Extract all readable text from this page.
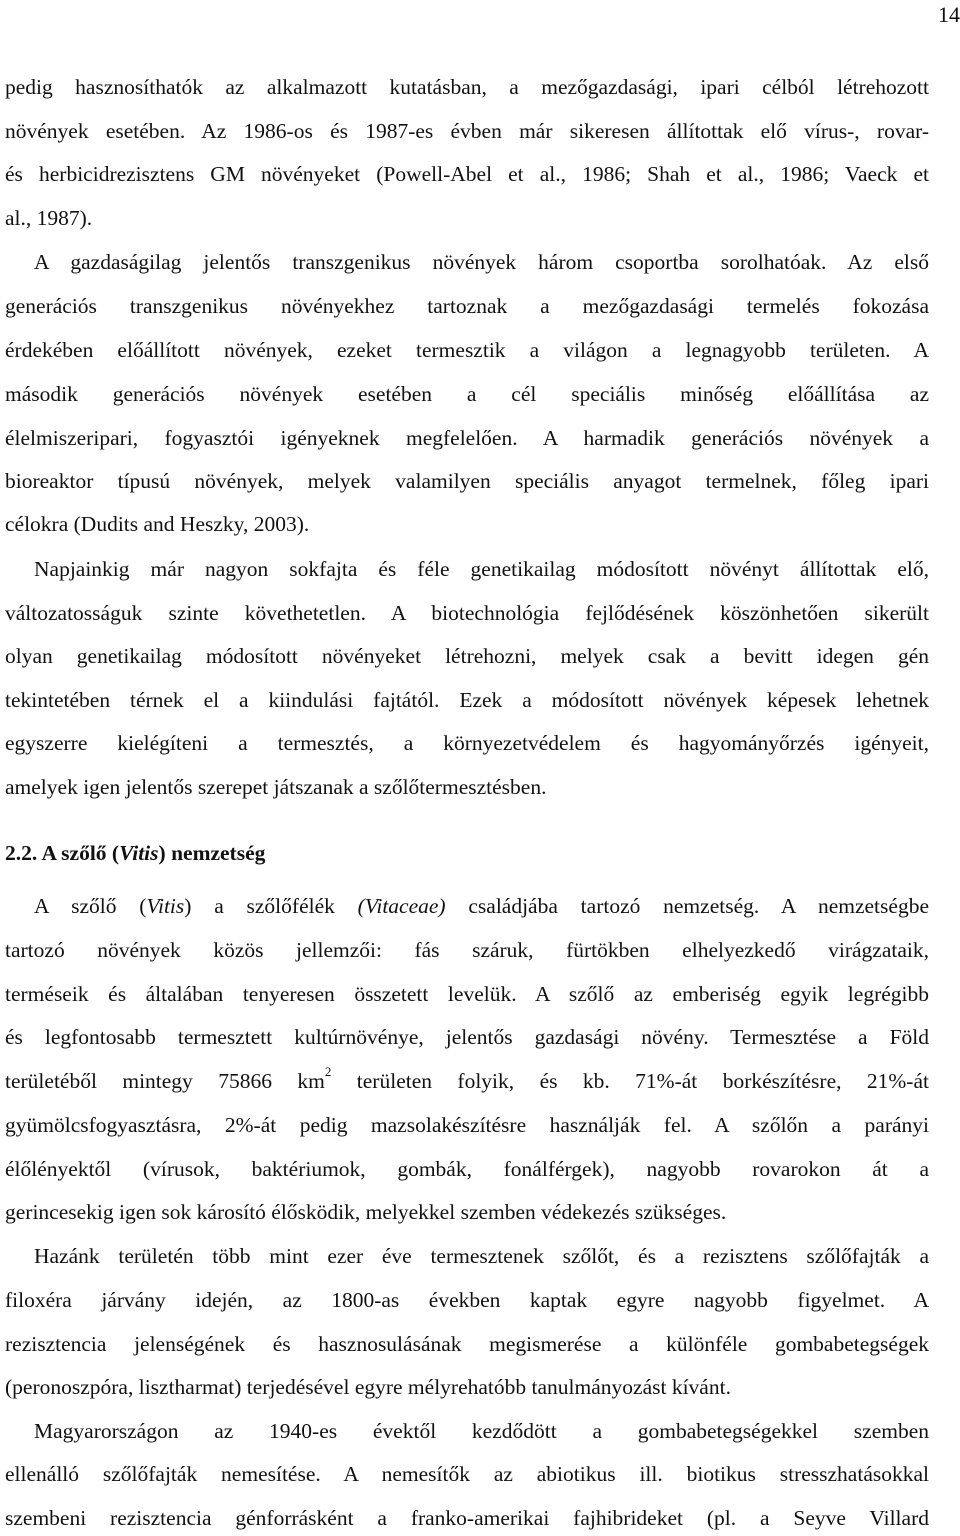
14
pedig hasznosíthatók az alkalmazott kutatásban, a mezőgazdasági, ipari célból létrehozott
növények esetében. Az 1986-os és 1987-es évben már sikeresen állítottak elő vírus-, rovar-
és herbicidrezisztens GM növényeket (Powell-Abel et al., 1986; Shah et al., 1986; Vaeck et
al., 1987).
A gazdaságilag jelentős transzgenikus növények három csoportba sorolhatóak. Az első
generációs transzgenikus növényekhez tartoznak a mezőgazdasági termelés fokozása
érdekében előállított növények, ezeket termesztik a világon a legnagyobb területen. A
második generációs növények esetében a cél speciális minőség előállítása az
élelmiszeripari, fogyasztói igényeknek megfelelően. A harmadik generációs növények a
bioreaktor típusú növények, melyek valamilyen speciális anyagot termelnek, főleg ipari
célokra (Dudits and Heszky, 2003).
Napjainkig már nagyon sokfajta és féle genetikailag módosított növényt állítottak elő,
változatosságuk szinte követhetetlen. A biotechnológia fejlődésének köszönhetően sikerült
olyan genetikailag módosított növényeket létrehozni, melyek csak a bevitt idegen gén
tekintetében térnek el a kiindulási fajtától. Ezek a módosított növények képesek lehetnek
egyszerre kielégíteni a termesztés, a környezetvédelem és hagyományőrzés igényeit,
amelyek igen jelentős szerepet játszanak a szőlőtermesztésben.
2.2. A szőlő (Vitis) nemzetség
A szőlő (Vitis) a szőlőfélék (Vitaceae) családjába tartozó nemzetség. A nemzetségbe
tartozó növények közös jellemzői: fás száruk, fürtökben elhelyezkedő virágzataik,
terméseik és általában tenyeresen összetett levelük. A szőlő az emberiség egyik legrégibb
és legfontosabb termesztett kultúrnövénye, jelentős gazdasági növény. Termesztése a Föld
területéből mintegy 75866 $km^2$ területen folyik, és kb. 71%-át borkészítésre, 21%-át
gyümölcsfogyasztásra, 2%-át pedig mazsolakészítésre használják fel. A szőlőn a parányi
élőlényektől (vírusok, baktériumok, gombák, fonálférgek), nagyobb rovarokon át a
gerincesekig igen sok károsító élősködik, melyekkel szemben védekezés szükséges.
Hazánk területén több mint ezer éve termesztenek szőlőt, és a rezisztens szőlőfajták a
filoxéra járvány idején, az 1800-as években kaptak egyre nagyobb figyelmet. A
rezisztencia jelenségének és hasznosulásának megismerése a különféle gombabetegségek
(peronoszpóra, lisztharmat) terjedésével egyre mélyrehatóbb tanulmányozást kívánt.
Magyarországon az 1940-es évektől kezdődött a gombabetegségekkel szemben
ellenálló szőlőfajták nemesítése. A nemesítők az abiotikus ill. biotikus stresszhatásokkal
szembeni rezisztencia génforrásként a franko-amerikai fajhibrideket (pl. a Seyve Villard
